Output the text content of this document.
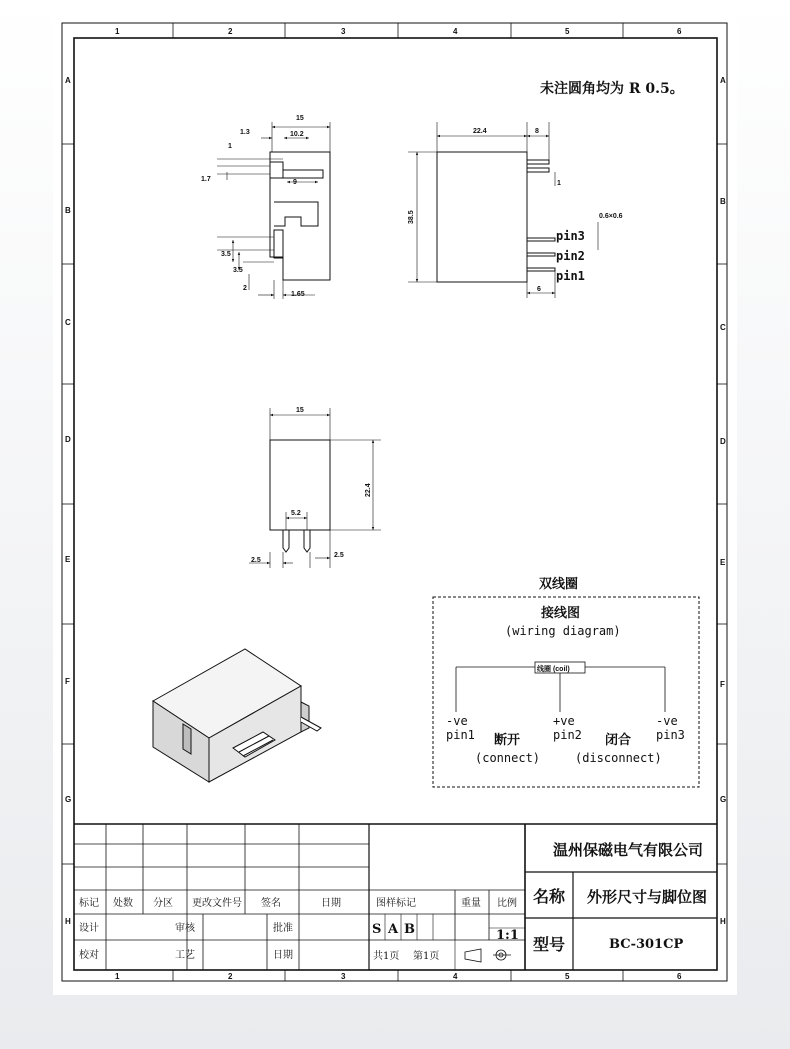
1	2	3	4	5	6
1	2	3	4	5	6
A
B
C
D
E
F
G
H
A
B
C
D
E
F
G
H
未注圆角均为 R 0.5。
15
10.2
1.3
1
1.7	9
3.5
3.5
2
1.65
22.4	8
38.5
1
0.6×0.6
6
pin3
pin2
pin1
15
22.4
5.2
2.5
2.5
双线圈
接线图
(wiring diagram)
线圈 (coil)
-ve
pin1
+ve
pin2
-ve
pin3
断开
(connect)
闭合
(disconnect)
温州保磁电气有限公司
标记 处数 分区 更改文件号 签名	日期
设计	审核	批准
校对	工艺	日期
图样标记	重量 比例
S A B	1:1
共1页 第1页
名称 外形尺寸与脚位图
型号	BC-301CP
